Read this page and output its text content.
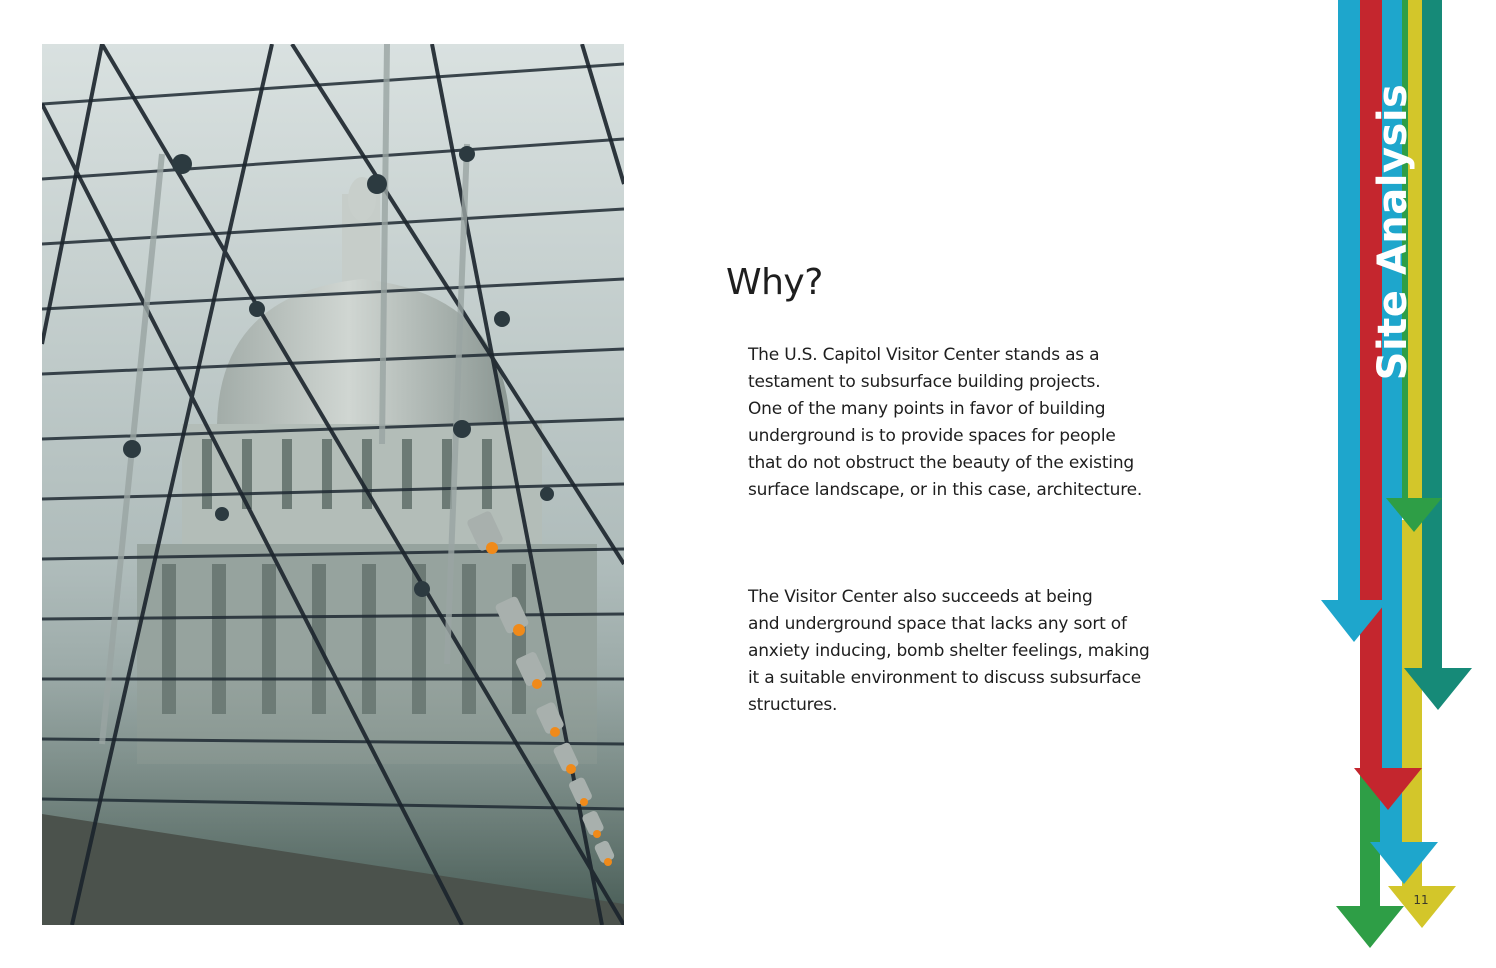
Why?

The U.S. Capitol Visitor Center stands as a
testament to subsurface building projects.
One of the many points in favor of building
underground is to provide spaces for people
that do not obstruct the beauty of the existing
surface landscape, or in this case, architecture.

The Visitor Center also succeeds at being
and underground space that lacks any sort of
anxiety inducing, bomb shelter feelings, making
it a suitable environment to discuss subsurface
structures.

Site Analysis
11
